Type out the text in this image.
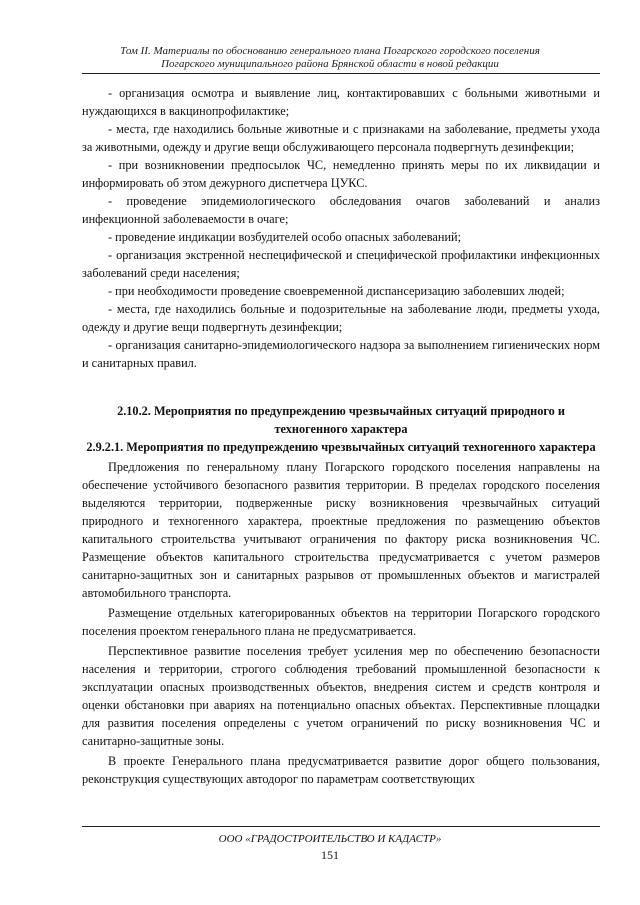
Том II. Материалы по обоснованию генерального плана Погарского городского поселения
Погарского муниципального района Брянской области в новой редакции

- организация осмотра и выявление лиц, контактировавших с больными животными и нуждающихся в вакцинопрофилактике;

- места, где находились больные животные и с признаками на заболевание, предметы ухода за животными, одежду и другие вещи обслуживающего персонала подвергнуть дезинфекции;

- при возникновении предпосылок ЧС, немедленно принять меры по их ликвидации и информировать об этом дежурного диспетчера ЦУКС.

- проведение эпидемиологического обследования очагов заболеваний и анализ инфекционной заболеваемости в очаге;

- проведение индикации возбудителей особо опасных заболеваний;

- организация экстренной неспецифической и специфической профилактики инфекционных заболеваний среди населения;

- при необходимости проведение своевременной диспансеризацию заболевших людей;

- места, где находились больные и подозрительные на заболевание люди, предметы ухода, одежду и другие вещи подвергнуть дезинфекции;

- организация санитарно-эпидемиологического надзора за выполнением гигиенических норм и санитарных правил.

2.10.2. Мероприятия по предупреждению чрезвычайных ситуаций природного и техногенного характера
2.9.2.1. Мероприятия по предупреждению чрезвычайных ситуаций техногенного характера

Предложения по генеральному плану Погарского городского поселения направлены на обеспечение устойчивого безопасного развития территории. В пределах городского поселения выделяются территории, подверженные риску возникновения чрезвычайных ситуаций природного и техногенного характера, проектные предложения по размещению объектов капитального строительства учитывают ограничения по фактору риска возникновения ЧС. Размещение объектов капитального строительства предусматривается с учетом размеров санитарно-защитных зон и санитарных разрывов от промышленных объектов и магистралей автомобильного транспорта.

Размещение отдельных категорированных объектов на территории Погарского городского поселения проектом генерального плана не предусматривается.

Перспективное развитие поселения требует усиления мер по обеспечению безопасности населения и территории, строгого соблюдения требований промышленной безопасности к эксплуатации опасных производственных объектов, внедрения систем и средств контроля и оценки обстановки при авариях на потенциально опасных объектах. Перспективные площадки для развития поселения определены с учетом ограничений по риску возникновения ЧС и санитарно-защитные зоны.

В проекте Генерального плана предусматривается развитие дорог общего пользования, реконструкция существующих автодорог по параметрам соответствующих

ООО «ГРАДОСТРОИТЕЛЬСТВО И КАДАСТР»
151
